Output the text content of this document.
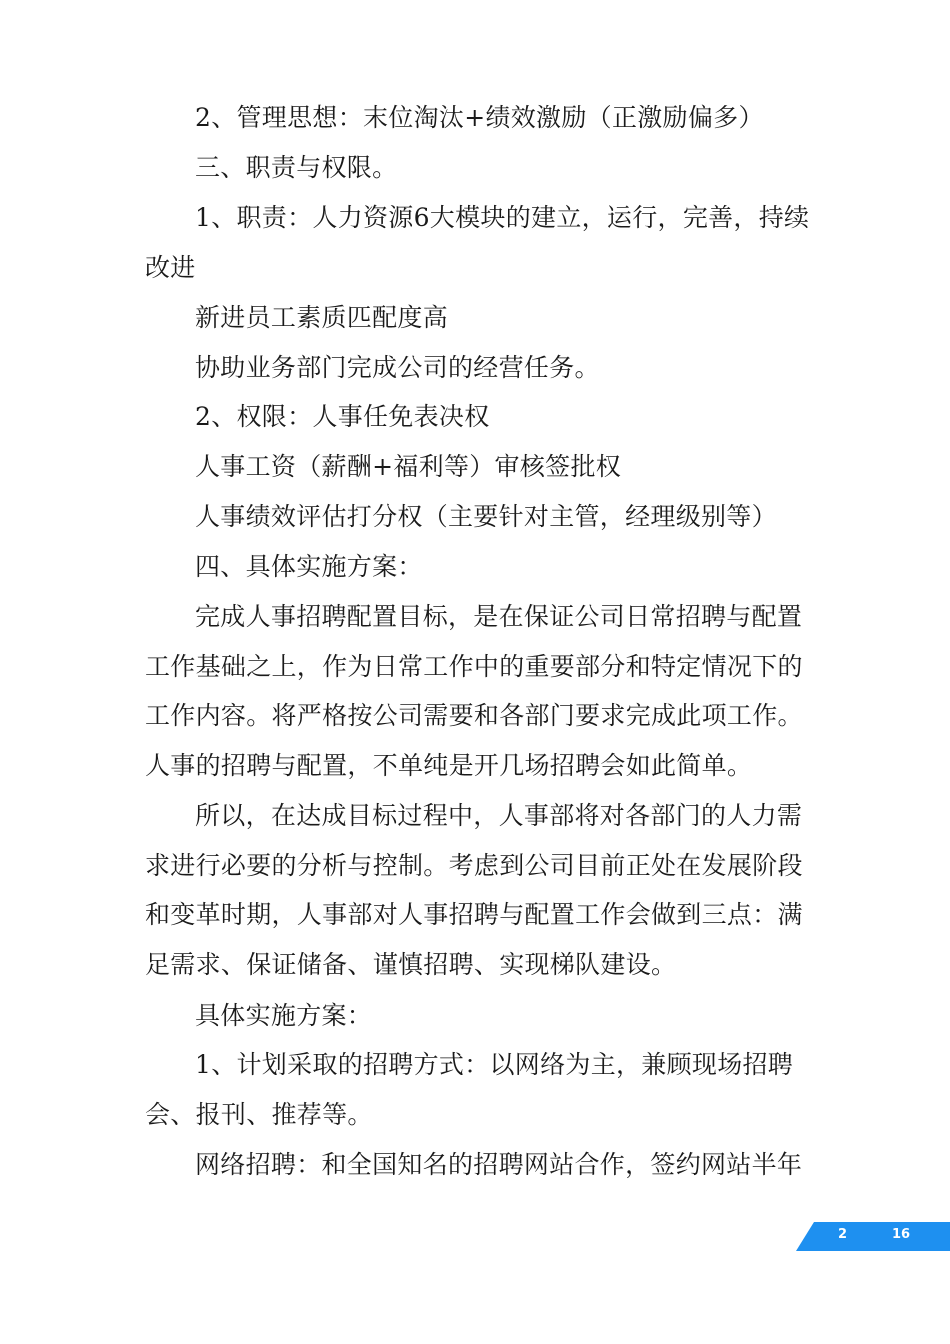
2、管理思想：末位淘汰+绩效激励（正激励偏多）

三、职责与权限。

1、职责：人力资源6大模块的建立，运行，完善，持续改进

新进员工素质匹配度高

协助业务部门完成公司的经营任务。

2、权限：人事任免表决权

人事工资（薪酬+福利等）审核签批权

人事绩效评估打分权（主要针对主管，经理级别等）

四、具体实施方案：

完成人事招聘配置目标，是在保证公司日常招聘与配置工作基础之上，作为日常工作中的重要部分和特定情况下的工作内容。将严格按公司需要和各部门要求完成此项工作。人事的招聘与配置，不单纯是开几场招聘会如此简单。

所以，在达成目标过程中，人事部将对各部门的人力需求进行必要的分析与控制。考虑到公司目前正处在发展阶段和变革时期，人事部对人事招聘与配置工作会做到三点：满足需求、保证储备、谨慎招聘、实现梯队建设。

具体实施方案：

1、计划采取的招聘方式：以网络为主，兼顾现场招聘会、报刊、推荐等。

网络招聘：和全国知名的招聘网站合作，签约网站半年

2	16
